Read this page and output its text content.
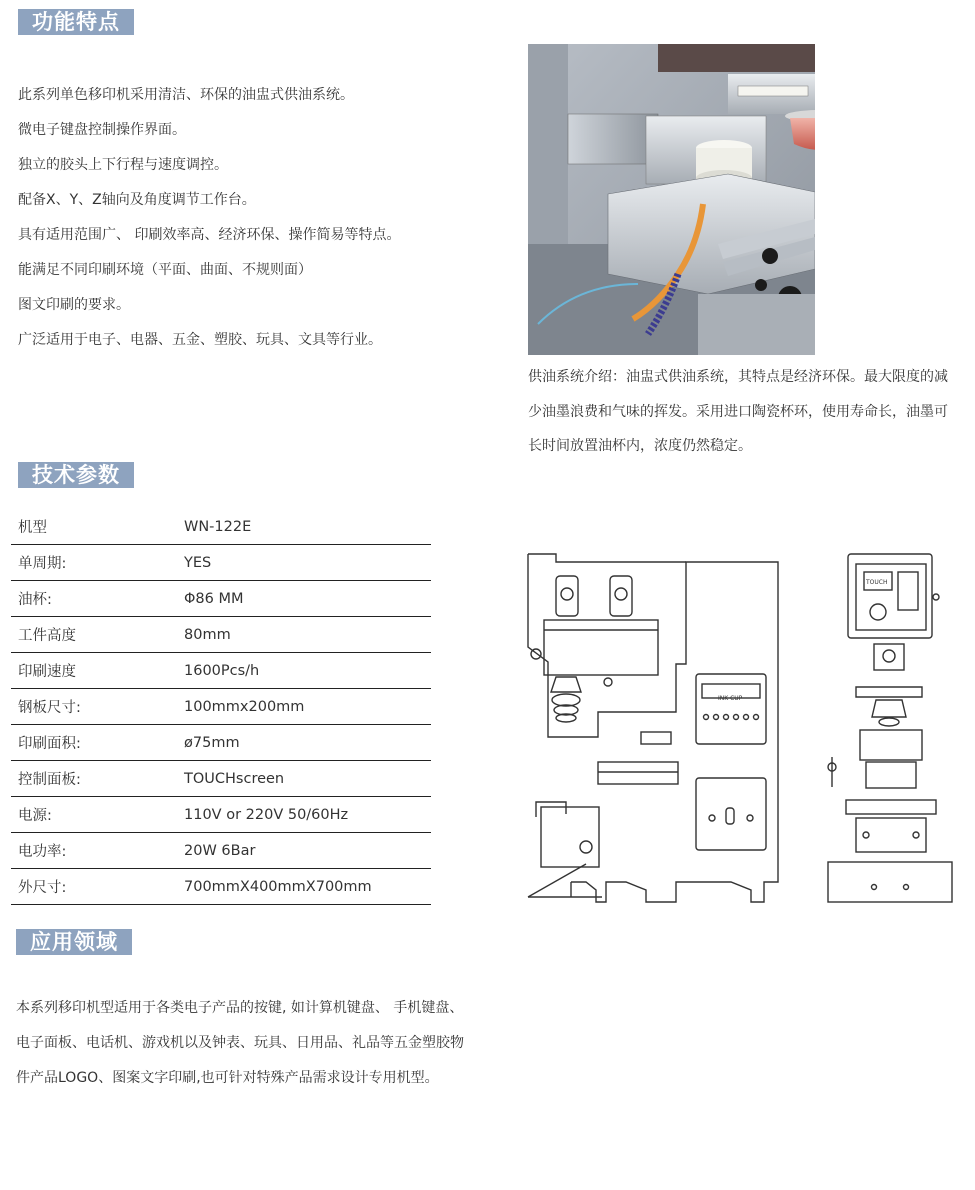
功能特点
此系列单色移印机采用清洁、环保的油盅式供油系统。
微电子键盘控制操作界面。
独立的胶头上下行程与速度调控。
配备X、Y、Z轴向及角度调节工作台。
具有适用范围广、 印刷效率高、经济环保、操作简易等特点。
能满足不同印刷环境（平面、曲面、不规则面）
图文印刷的要求。
广泛适用于电子、电器、五金、塑胶、玩具、文具等行业。
供油系统介绍：油盅式供油系统，其特点是经济环保。最大限度的减少油墨浪费和气味的挥发。采用进口陶瓷杯环，使用寿命长，油墨可长时间放置油杯内，浓度仍然稳定。
技术参数
机型	WN-122E
单周期:	YES
油杯:	Φ86 MM
工件高度	80mm
印刷速度	1600Pcs/h
钢板尺寸:	100mmx200mm
印刷面积:	ø75mm
控制面板:	TOUCHscreen
电源:	110V or 220V 50/60Hz
电功率:	20W 6Bar
外尺寸:	700mmX400mmX700mm
INK CUP
TOUCH
应用领域
本系列移印机型适用于各类电子产品的按键, 如计算机键盘、 手机键盘、电子面板、电话机、游戏机以及钟表、玩具、日用品、礼品等五金塑胶物件产品LOGO、图案文字印刷,也可针对特殊产品需求设计专用机型。
